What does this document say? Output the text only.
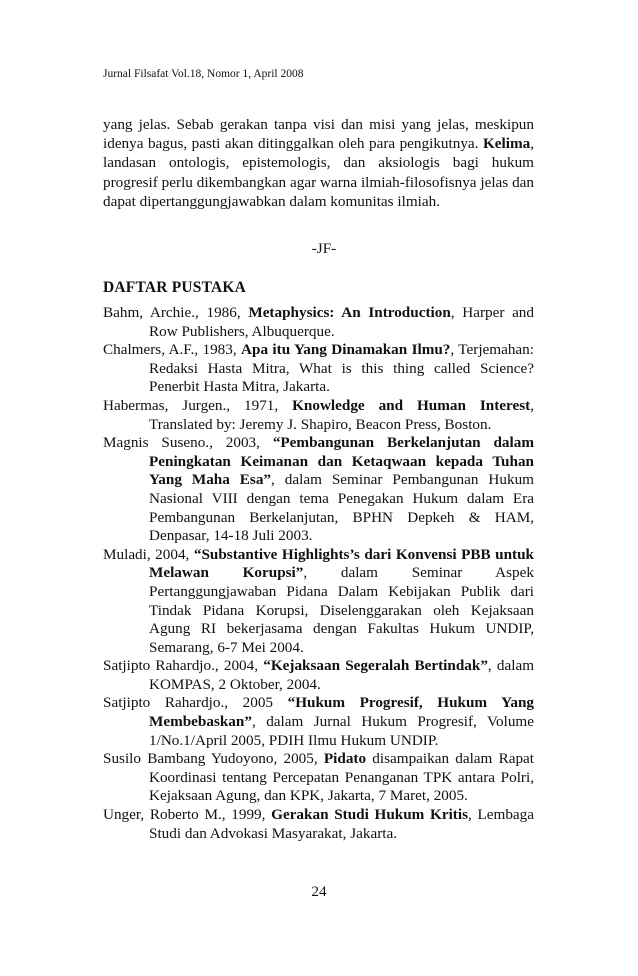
Jurnal Filsafat Vol.18, Nomor 1, April 2008

yang jelas. Sebab gerakan tanpa visi dan misi yang jelas, meskipun idenya bagus, pasti akan ditinggalkan oleh para pengikutnya. Kelima, landasan ontologis, epistemologis, dan aksiologis bagi hukum progresif perlu dikembangkan agar warna ilmiah-filosofisnya jelas dan dapat dipertanggungjawabkan dalam komunitas ilmiah.

-JF-
DAFTAR PUSTAKA

Bahm, Archie., 1986, Metaphysics: An Introduction, Harper and Row Publishers, Albuquerque.

Chalmers, A.F., 1983, Apa itu Yang Dinamakan Ilmu?, Terjemahan: Redaksi Hasta Mitra, What is this thing called Science? Penerbit Hasta Mitra, Jakarta.

Habermas, Jurgen., 1971, Knowledge and Human Interest, Translated by: Jeremy J. Shapiro, Beacon Press, Boston.

Magnis Suseno., 2003, “Pembangunan Berkelanjutan dalam Peningkatan Keimanan dan Ketaqwaan kepada Tuhan Yang Maha Esa”, dalam Seminar Pembangunan Hukum Nasional VIII dengan tema Penegakan Hukum dalam Era Pembangunan Berkelanjutan, BPHN Depkeh & HAM, Denpasar, 14-18 Juli 2003.

Muladi, 2004, “Substantive Highlights’s dari Konvensi PBB untuk Melawan Korupsi”, dalam Seminar Aspek Pertanggungjawaban Pidana Dalam Kebijakan Publik dari Tindak Pidana Korupsi, Diselenggarakan oleh Kejaksaan Agung RI bekerjasama dengan Fakultas Hukum UNDIP, Semarang, 6-7 Mei 2004.

Satjipto Rahardjo., 2004, “Kejaksaan Segeralah Bertindak”, dalam KOMPAS, 2 Oktober, 2004.

Satjipto Rahardjo., 2005 “Hukum Progresif, Hukum Yang Membebaskan”, dalam Jurnal Hukum Progresif, Volume 1/No.1/April 2005, PDIH Ilmu Hukum UNDIP.

Susilo Bambang Yudoyono, 2005, Pidato disampaikan dalam Rapat Koordinasi tentang Percepatan Penanganan TPK antara Polri, Kejaksaan Agung, dan KPK, Jakarta, 7 Maret, 2005.

Unger, Roberto M., 1999, Gerakan Studi Hukum Kritis, Lembaga Studi dan Advokasi Masyarakat, Jakarta.

24
